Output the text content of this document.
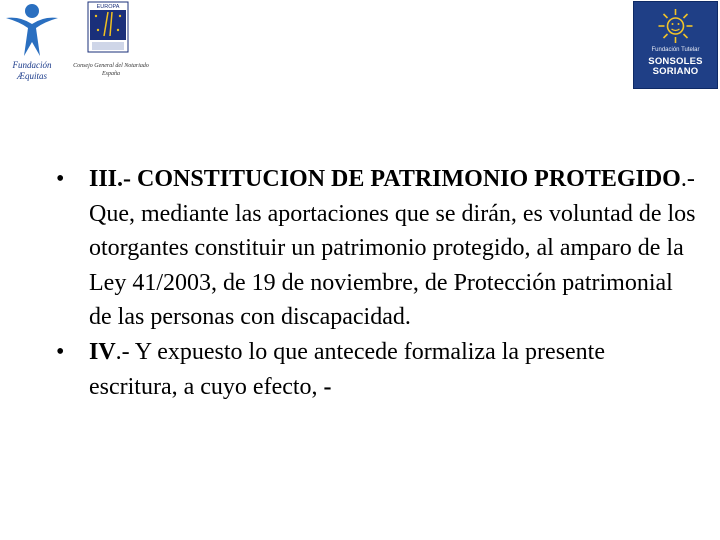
Fundación
Æquitas
EUROPA
Consejo General del Notariado España
Fundación Tutelar
SONSOLES
SORIANO
• III.- CONSTITUCION DE PATRIMONIO PROTEGIDO.- Que, mediante las aportaciones que se dirán, es voluntad de los otorgantes constituir un patrimonio protegido, al amparo de la Ley 41/2003, de 19 de noviembre, de Protección patrimonial de las personas con discapacidad.
• IV.- Y expuesto lo que antecede formaliza la presente escritura, a cuyo efecto, -
